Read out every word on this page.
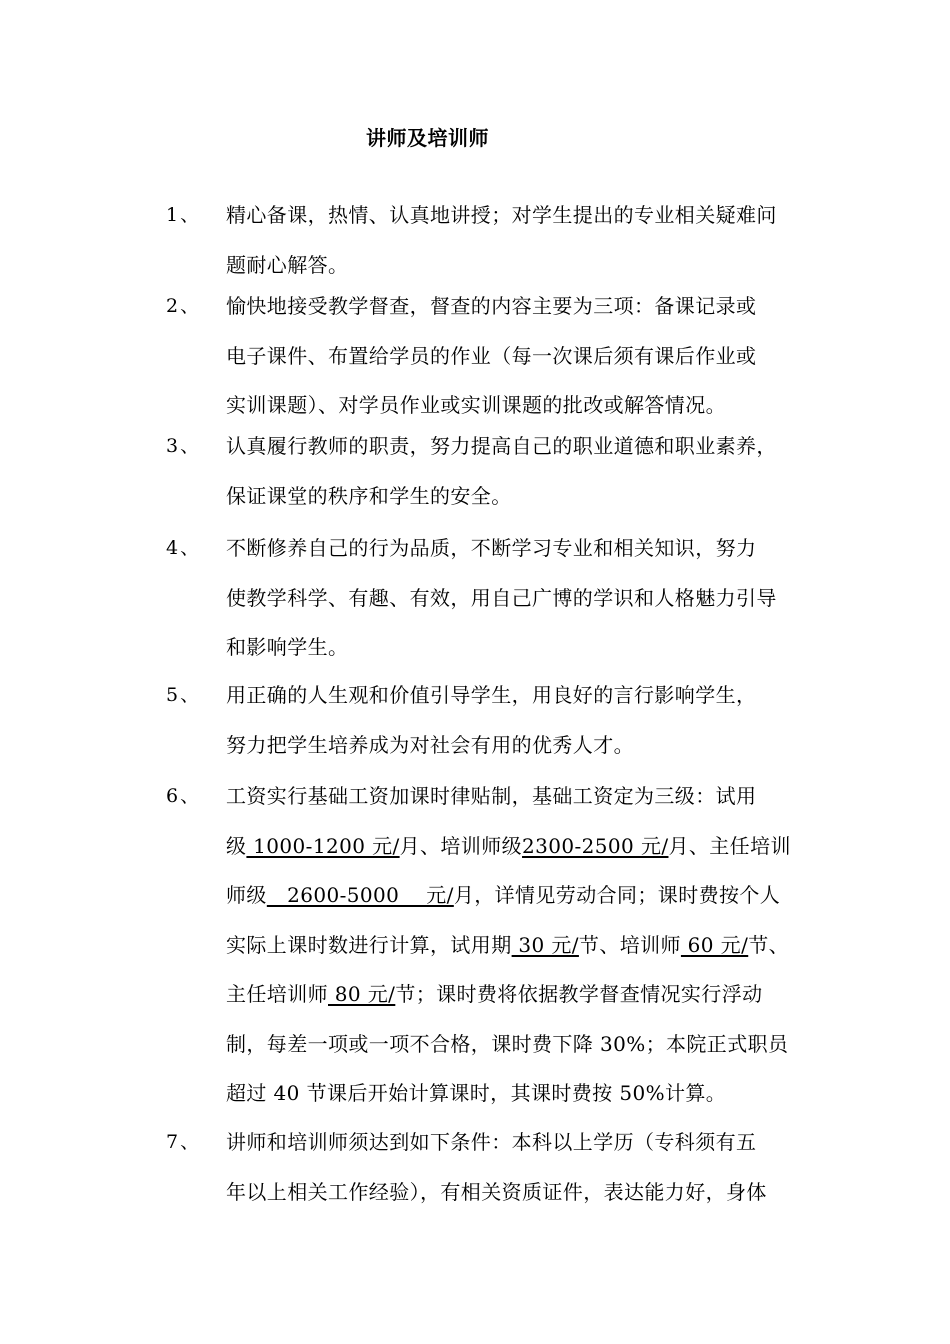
讲师及培训师
1、 精心备课，热情、认真地讲授；对学生提出的专业相关疑难问
题耐心解答。
2、 愉快地接受教学督查，督查的内容主要为三项：备课记录或
电子课件、布置给学员的作业（每一次课后须有课后作业或
实训课题）、对学员作业或实训课题的批改或解答情况。
3、 认真履行教师的职责，努力提高自己的职业道德和职业素养，
保证课堂的秩序和学生的安全。
4、 不断修养自己的行为品质，不断学习专业和相关知识，努力
使教学科学、有趣、有效，用自己广博的学识和人格魅力引导
和影响学生。
5、 用正确的人生观和价值引导学生，用良好的言行影响学生，
努力把学生培养成为对社会有用的优秀人才。
6、 工资实行基础工资加课时律贴制，基础工资定为三级：试用
级 1000-1200 元/月、培训师级2300-2500 元/月、主任培训
师级   2600-5000    元/月，详情见劳动合同；课时费按个人
实际上课时数进行计算，试用期 30 元/节、培训师 60 元/节、
主任培训师 80 元/节；课时费将依据教学督查情况实行浮动
制，每差一项或一项不合格，课时费下降 30%；本院正式职员
超过 40 节课后开始计算课时，其课时费按 50%计算。
7、 讲师和培训师须达到如下条件：本科以上学历（专科须有五
年以上相关工作经验），有相关资质证件，表达能力好，身体
